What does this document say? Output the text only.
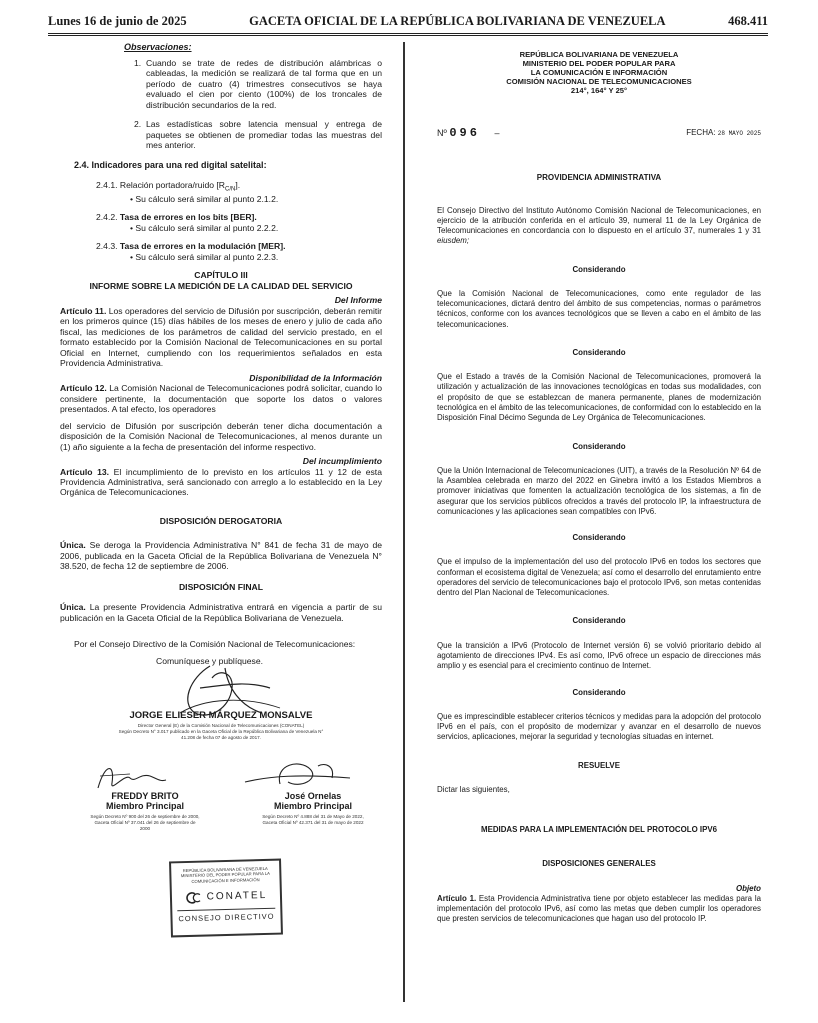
Lunes 16 de junio de 2025	GACETA OFICIAL DE LA REPÚBLICA BOLIVARIANA DE VENEZUELA	468.411
Observaciones:
1. Cuando se trate de redes de distribución alámbricas o cableadas, la medición se realizará de tal forma que en un período de cuatro (4) trimestres consecutivos se haya evaluado el cien por ciento (100%) de los troncales de distribución secundarios de la red.
2. Las estadísticas sobre latencia mensual y entrega de paquetes se obtienen de promediar todas las muestras del mes anterior.
2.4. Indicadores para una red digital satelital:
2.4.1. Relación portadora/ruido $[R_{C/N}]$.
• Su cálculo será similar al punto 2.1.2.
2.4.2. Tasa de errores en los bits [BER].
• Su cálculo será similar al punto 2.2.2.
2.4.3. Tasa de errores en la modulación [MER].
• Su cálculo será similar al punto 2.2.3.
CAPÍTULO III
INFORME SOBRE LA MEDICIÓN DE LA CALIDAD DEL SERVICIO
Del Informe
Artículo 11. Los operadores del servicio de Difusión por suscripción, deberán remitir en los primeros quince (15) días hábiles de los meses de enero y julio de cada año fiscal, las mediciones de los parámetros de calidad del servicio prestado, en el formato establecido por la Comisión Nacional de Telecomunicaciones en su portal Oficial en Internet, cumpliendo con los requerimientos señalados en esta Providencia Administrativa.
Disponibilidad de la Información
Artículo 12. La Comisión Nacional de Telecomunicaciones podrá solicitar, cuando lo considere pertinente, la documentación que soporte los datos o valores presentados. A tal efecto, los operadores
del servicio de Difusión por suscripción deberán tener dicha documentación a disposición de la Comisión Nacional de Telecomunicaciones, al menos durante un (1) año siguiente a la fecha de presentación del informe respectivo.
Del incumplimiento
Artículo 13. El incumplimiento de lo previsto en los artículos 11 y 12 de esta Providencia Administrativa, será sancionado con arreglo a lo establecido en la Ley Orgánica de Telecomunicaciones.
DISPOSICIÓN DEROGATORIA
Única. Se deroga la Providencia Administrativa N° 841 de fecha 31 de mayo de 2006, publicada en la Gaceta Oficial de la República Bolivariana de Venezuela N° 38.520, de fecha 12 de septiembre de 2006.
DISPOSICIÓN FINAL
Única. La presente Providencia Administrativa entrará en vigencia a partir de su publicación en la Gaceta Oficial de la República Bolivariana de Venezuela.
Por el Consejo Directivo de la Comisión Nacional de Telecomunicaciones:
Comuníquese y publíquese.
JORGE ELIESER MÁRQUEZ MONSALVE
Director General (E) de la Comisión Nacional de Telecomunicaciones (CONATEL)
Según Decreto N° 3.017 publicado en la Gaceta Oficial de la República Bolivariana de Venezuela N°
41.208 de fecha 07 de agosto de 2017.
FREDDY BRITO
Miembro Principal
Según Decreto Nº 900 del 26 de septiembre de 2000,
Gaceta Oficial Nº 37.041 del 26 de septiembre de
2000
José Ornelas
Miembro Principal
Según Decreto Nº 4.888 del 31 de Mayo de 2022,
Gaceta Oficial Nº 42.371 del 31 de mayo de 2022
REPÚBLICA BOLIVARIANA DE VENEZUELA MINISTERIO DEL PODER POPULAR PARA LA COMUNICACIÓN E INFORMACIÓN
CONATEL
CONSEJO DIRECTIVO
REPÚBLICA BOLIVARIANA DE VENEZUELA
MINISTERIO DEL PODER POPULAR PARA
LA COMUNICACIÓN E INFORMACIÓN
COMISIÓN NACIONAL DE TELECOMUNICACIONES
214°, 164° Y 25°
Nº 096 –	FECHA: 28 MAYO 2025
PROVIDENCIA ADMINISTRATIVA
El Consejo Directivo del Instituto Autónomo Comisión Nacional de Telecomunicaciones, en ejercicio de la atribución conferida en el artículo 39, numeral 11 de la Ley Orgánica de Telecomunicaciones en concordancia con lo dispuesto en el artículo 37, numerales 1 y 31 eiusdem;
Considerando
Que la Comisión Nacional de Telecomunicaciones, como ente regulador de las telecomunicaciones, dictará dentro del ámbito de sus competencias, normas o parámetros técnicos, conforme con los avances tecnológicos que se lleven a cabo en el ámbito de las telecomunicaciones.
Considerando
Que el Estado a través de la Comisión Nacional de Telecomunicaciones, promoverá la utilización y actualización de las innovaciones tecnológicas en todas sus modalidades, con el propósito de que se establezcan de manera permanente, planes de modernización tecnológica en el ámbito de las telecomunicaciones, de conformidad con lo establecido en la Disposición Final Décimo Segunda de Ley Orgánica de Telecomunicaciones.
Considerando
Que la Unión Internacional de Telecomunicaciones (UIT), a través de la Resolución Nº 64 de la Asamblea celebrada en marzo del 2022 en Ginebra invitó a los Estados Miembros a promover iniciativas que fomenten la actualización tecnológica de los sistemas, a fin de asegurar que los servicios públicos ofrecidos a través del protocolo IP, la infraestructura de comunicaciones y las aplicaciones sean compatibles con IPv6.
Considerando
Que el impulso de la implementación del uso del protocolo IPv6 en todos los sectores que conforman el ecosistema digital de Venezuela; así como el desarrollo del enrutamiento entre operadores del servicio de telecomunicaciones bajo el protocolo IPv6, son metas contenidas dentro del Plan Nacional de Telecomunicaciones.
Considerando
Que la transición a IPv6 (Protocolo de Internet versión 6) se volvió prioritario debido al agotamiento de direcciones IPv4. Es así como, IPv6 ofrece un espacio de direcciones más amplio y es esencial para el crecimiento continuo de Internet.
Considerando
Que es imprescindible establecer criterios técnicos y medidas para la adopción del protocolo IPv6 en el país, con el propósito de modernizar y avanzar en el desarrollo de nuevos servicios, aplicaciones, mejorar la seguridad y tecnologías situadas en internet.
RESUELVE
Dictar las siguientes,
MEDIDAS PARA LA IMPLEMENTACIÓN DEL PROTOCOLO IPV6
DISPOSICIONES GENERALES
Objeto
Artículo 1. Esta Providencia Administrativa tiene por objeto establecer las medidas para la implementación del protocolo IPv6, así como las metas que deben cumplir los operadores que presten servicios de telecomunicaciones que hagan uso del protocolo IP.
